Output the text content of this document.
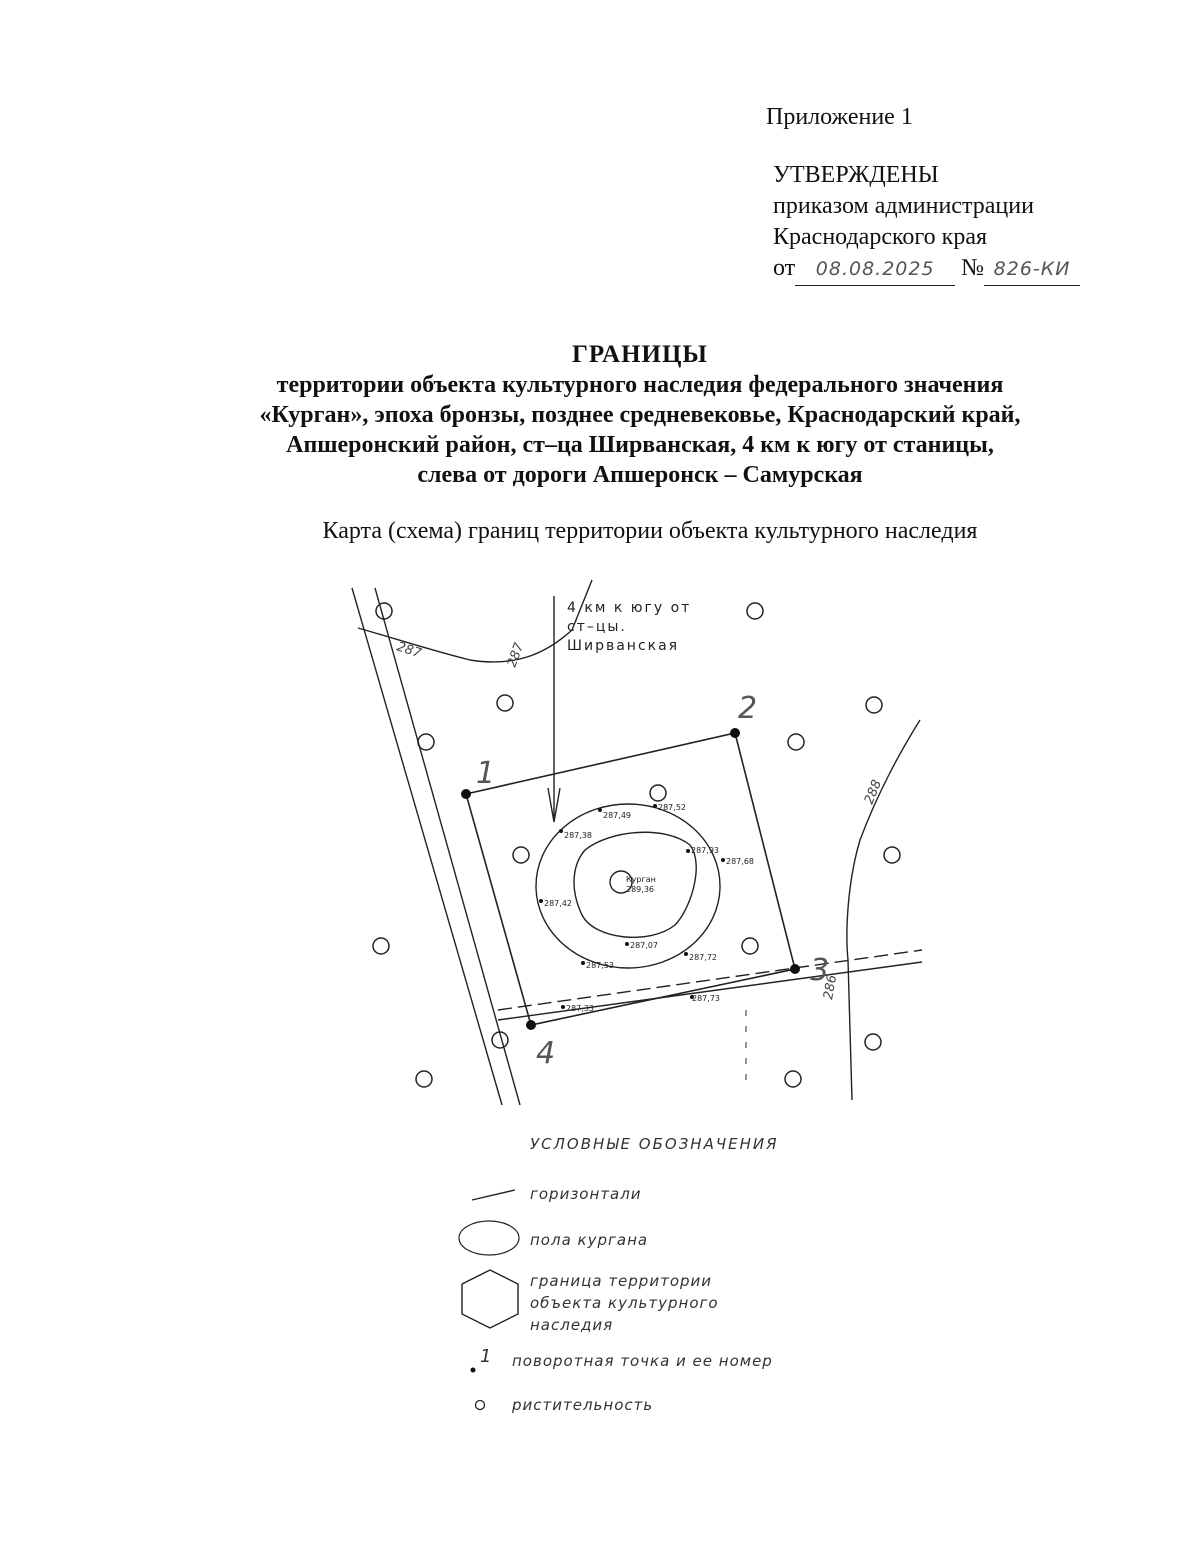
Приложение 1
УТВЕРЖДЕНЫ
приказом администрации
Краснодарского края
от 08.08.2025 № 826-КИ
ГРАНИЦЫ
территории объекта культурного наследия федерального значения
«Курган», эпоха бронзы, позднее средневековье, Краснодарский край,
Апшеронский район, ст–ца Ширванская, 4 км к югу от станицы,
слева от дороги Апшеронск – Самурская
Карта (схема) границ территории объекта культурного наследия
4 км к югу от
ст–цы.
Ширванская
287	287
288
286
Курган
289,36
287,49
287,52
287,38
287,93
287,68
287,42
287,07
287,72
287,53
287,33
287,73
1
2
3
4
1
УСЛОВНЫЕ ОБОЗНАЧЕНИЯ
горизонтали
пола кургана
граница территории
объекта культурного
наследия
поворотная точка и ее номер
ристительность
